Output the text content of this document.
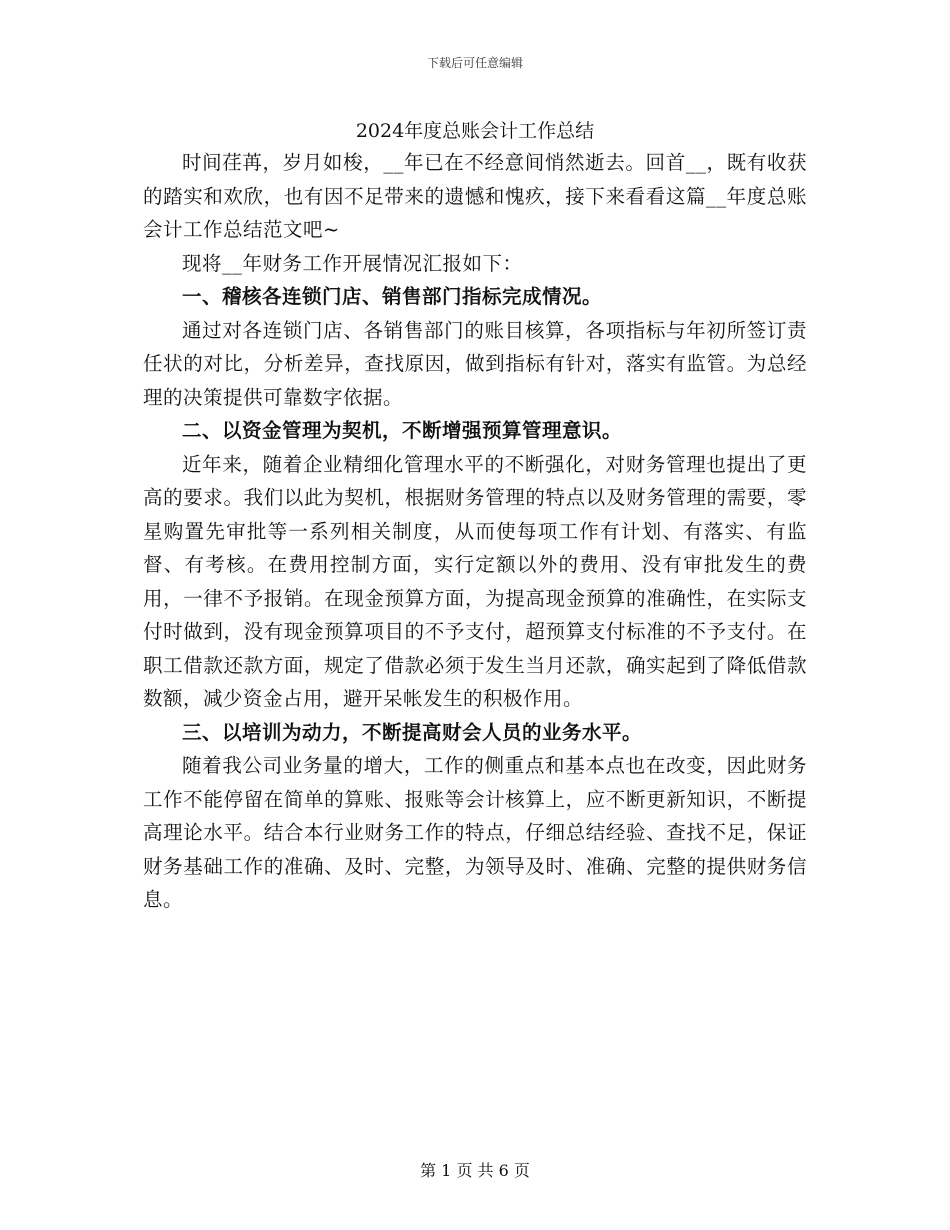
下载后可任意编辑
2024年度总账会计工作总结

时间荏苒，岁月如梭，__年已在不经意间悄然逝去。回首__，既有收获的踏实和欢欣，也有因不足带来的遗憾和愧疚，接下来看看这篇__年度总账会计工作总结范文吧~

现将__年财务工作开展情况汇报如下：

一、稽核各连锁门店、销售部门指标完成情况。

通过对各连锁门店、各销售部门的账目核算，各项指标与年初所签订责任状的对比，分析差异，查找原因，做到指标有针对，落实有监管。为总经理的决策提供可靠数字依据。

二、以资金管理为契机，不断增强预算管理意识。

近年来，随着企业精细化管理水平的不断强化，对财务管理也提出了更高的要求。我们以此为契机，根据财务管理的特点以及财务管理的需要，零星购置先审批等一系列相关制度，从而使每项工作有计划、有落实、有监督、有考核。在费用控制方面，实行定额以外的费用、没有审批发生的费用，一律不予报销。在现金预算方面，为提高现金预算的准确性，在实际支付时做到，没有现金预算项目的不予支付，超预算支付标准的不予支付。在职工借款还款方面，规定了借款必须于发生当月还款，确实起到了降低借款数额，减少资金占用，避开呆帐发生的积极作用。

三、以培训为动力，不断提高财会人员的业务水平。

随着我公司业务量的增大，工作的侧重点和基本点也在改变，因此财务工作不能停留在简单的算账、报账等会计核算上，应不断更新知识，不断提高理论水平。结合本行业财务工作的特点，仔细总结经验、查找不足，保证财务基础工作的准确、及时、完整，为领导及时、准确、完整的提供财务信息。

第 1 页 共 6 页
